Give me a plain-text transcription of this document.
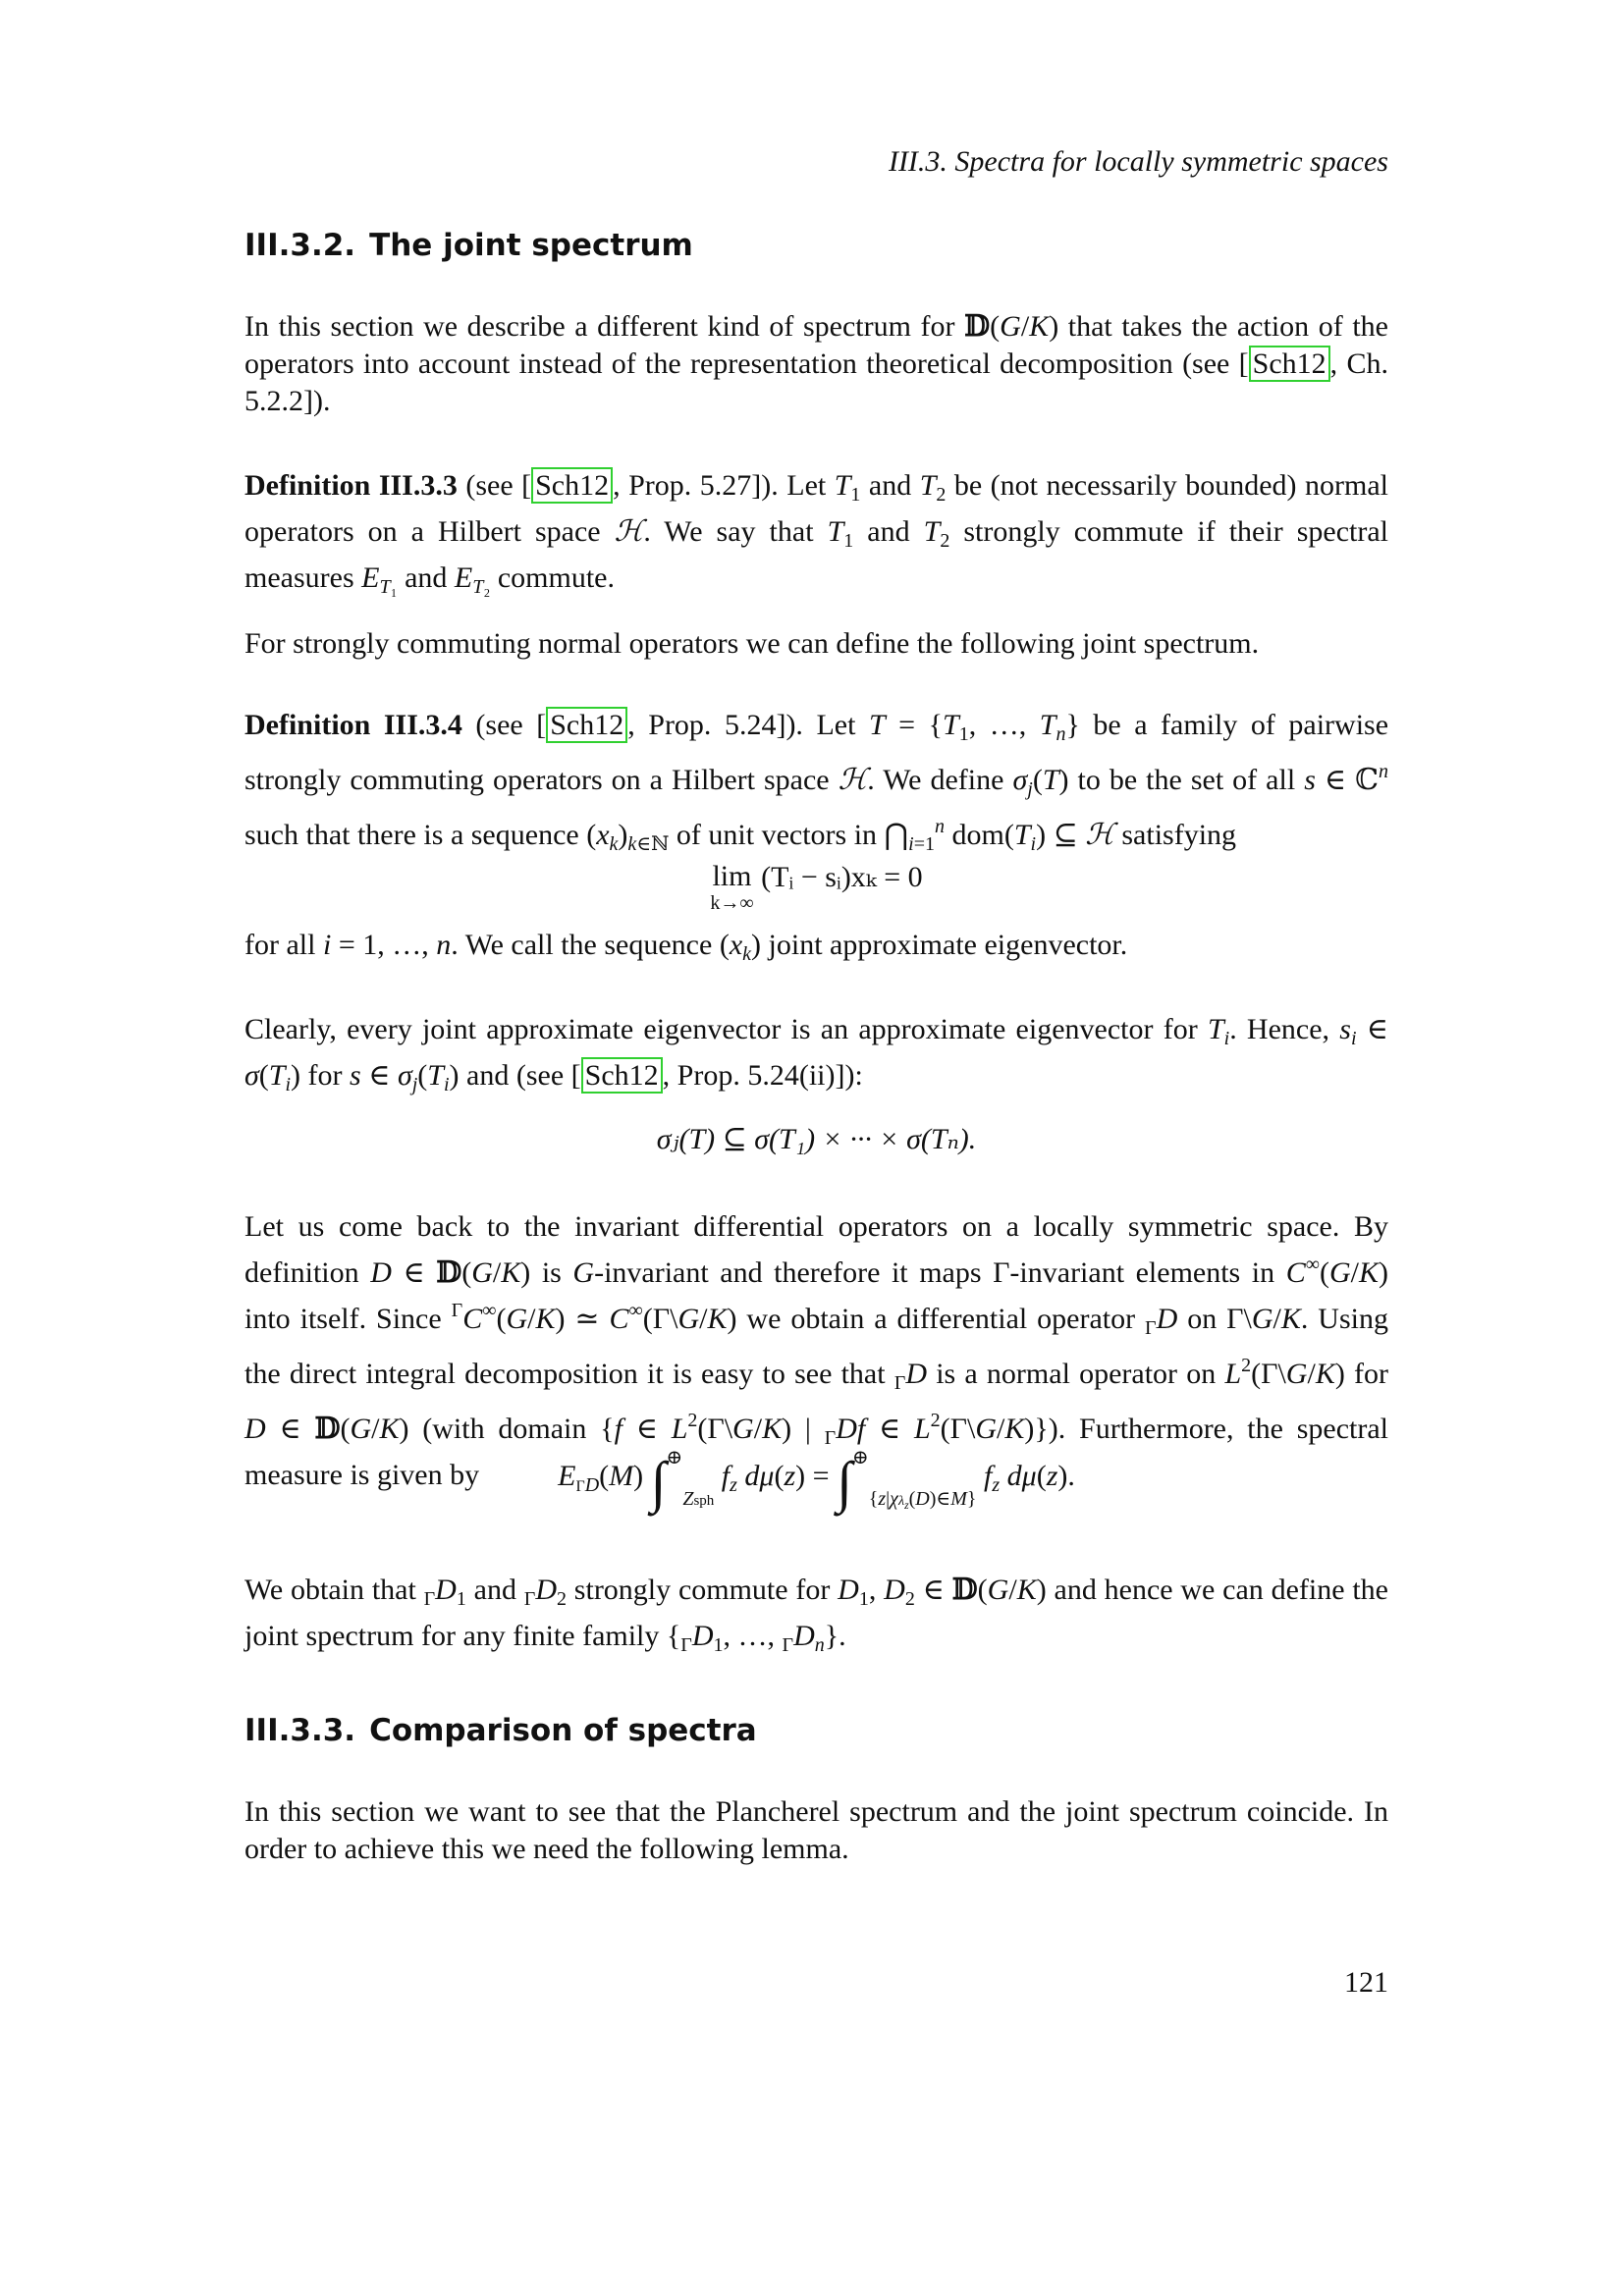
III.3. Spectra for locally symmetric spaces
III.3.2. The joint spectrum
In this section we describe a different kind of spectrum for 𝔻(G/K) that takes the action of the operators into account instead of the representation theoretical decomposition (see [ Sch12 , Ch. 5.2.2]).
Definition III.3.3 (see [ Sch12 , Prop. 5.27]). Let $T_1$ and $T_2$ be (not necessarily bounded) normal operators on a Hilbert space ℋ. We say that $T_1$ and $T_2$ strongly commute if their spectral measures $E_{T_1}$ and $E_{T_2}$ commute.
For strongly commuting normal operators we can define the following joint spectrum.
Definition III.3.4 (see [ Sch12 , Prop. 5.24]). Let $T = \{T_1$, …, $T_n$} be a family of pairwise strongly commuting operators on a Hilbert space ℋ. We define $\sigma_j(T)$ to be the set of all s ∈ ℂ$^n$ such that there is a sequence $(x_k)_{k\in ℕ}$ of unit vectors in $⋂_{i=1}^n$ $dom(T_i)$ ⊆ ℋ satisfying
lim
k→∞
(Tᵢ − sᵢ)xₖ = 0
for all i = 1, …, n. We call the sequence $(x_k)$ joint approximate eigenvector.
Clearly, every joint approximate eigenvector is an approximate eigenvector for $T_i$. Hence, $s_i$ ∈ $\sigma(T_i)$ for s ∈ $\sigma_j(T_i)$ and (see [ Sch12 , Prop. 5.24(ii)]):
σⱼ(T) ⊆ σ(T₁) × ··· × σ(Tₙ).
Let us come back to the invariant differential operators on a locally symmetric space. By definition D ∈ 𝔻(G/K) is G-invariant and therefore it maps Γ-invariant elements in C∞(G/K) into itself. Since $^\Gamma$C∞(G/K) ≃ C∞(Γ\G/K) we obtain a differential operator $_\Gamma$D on Γ\G/K. Using the direct integral decomposition it is easy to see that $_\Gamma$D is a normal operator on $L^2(\Gamma\backslash G/K)$ for D ∈ 𝔻(G/K) (with domain {f ∈ $L^2(\Gamma\backslash G/K)$ | $_\Gamma$Df ∈ $L^2(\Gamma\backslash G/K)$}). Furthermore, the spectral measure is given by	$E_{\Gamma D}(M)$ $\int^\oplus_{Zsph}$ $f_z$ $d\mu(z) = \int^\oplus_{\{z|\chi\lambda_z(D)\in M\}}$ $f_z$ dμ(z).
We obtain that $_\Gamma D_1$ and $_\Gamma D_2$ strongly commute for $D_1$, $D_2$ ∈ 𝔻(G/K) and hence we can define the joint spectrum for any finite family {$_\Gamma D_1$, …, $_\Gamma D_n$}.
III.3.3. Comparison of spectra
In this section we want to see that the Plancherel spectrum and the joint spectrum coincide. In order to achieve this we need the following lemma.
121
